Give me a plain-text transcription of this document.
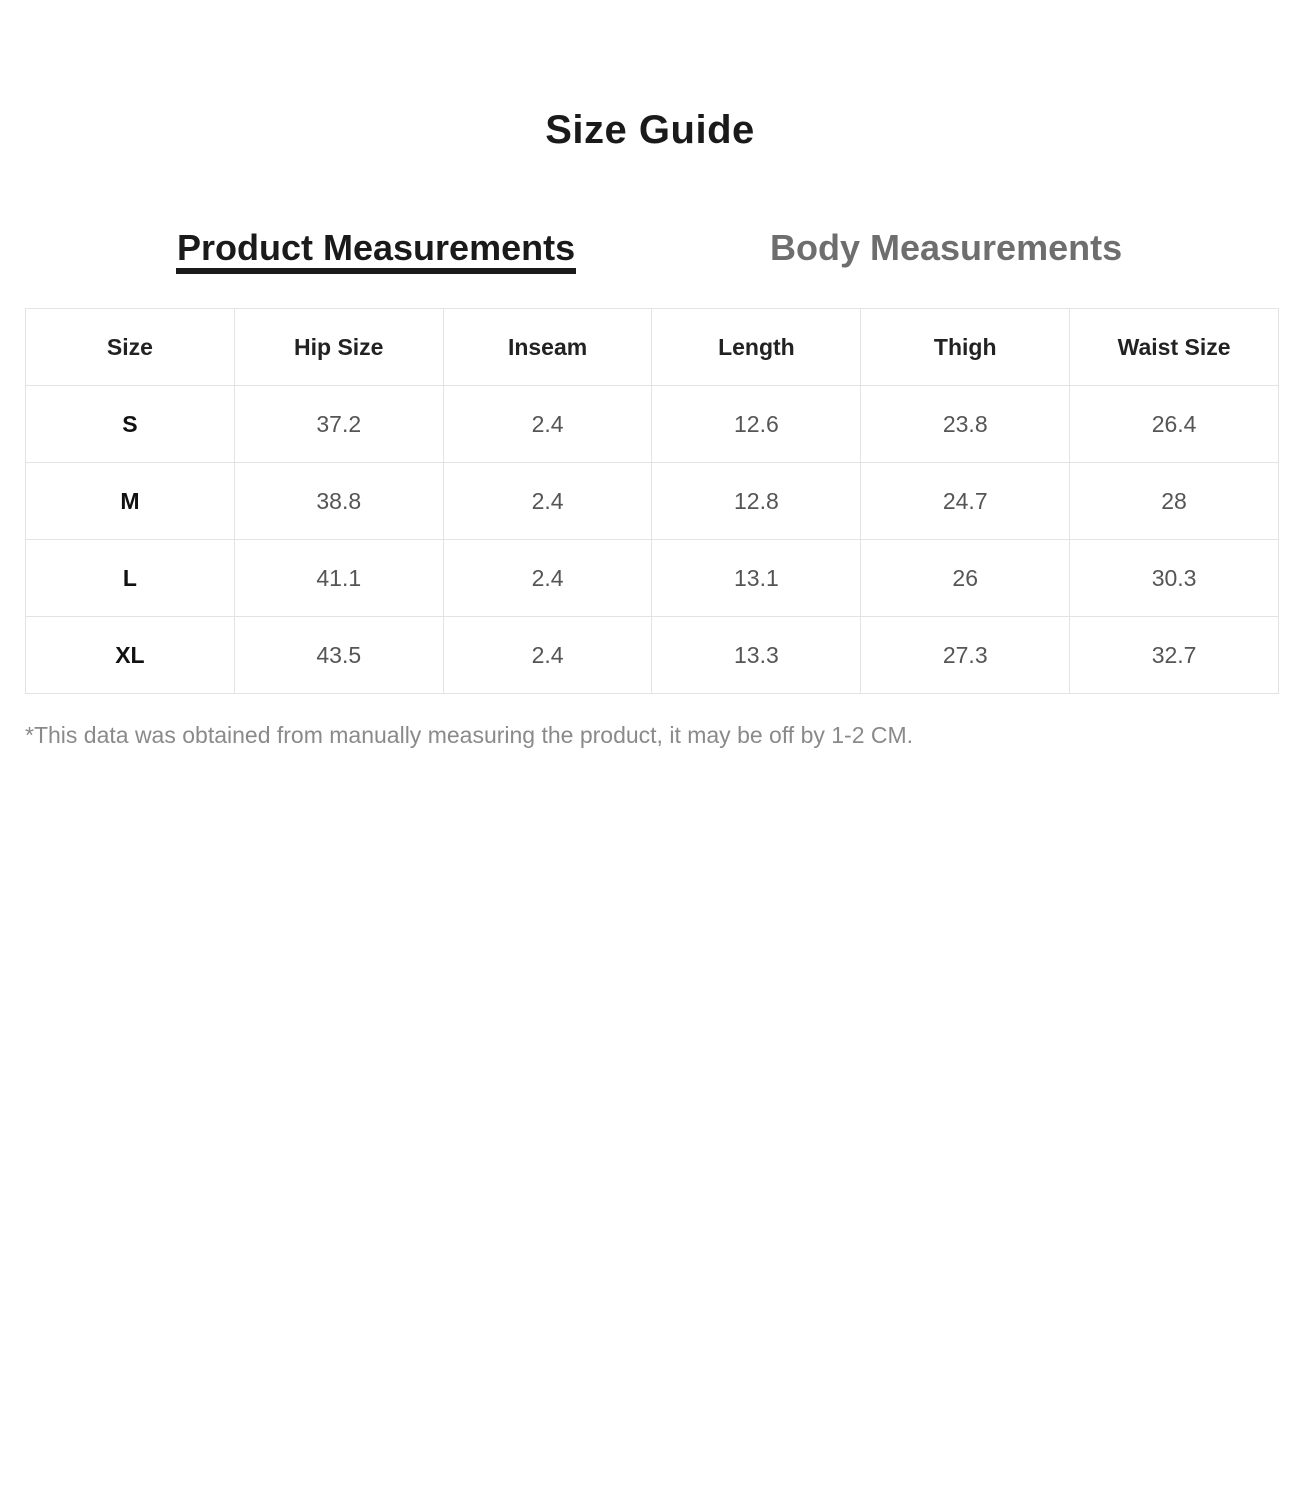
Size Guide
Product Measurements	Body Measurements
Size	Hip Size	Inseam	Length	Thigh	Waist Size
S	37.2	2.4	12.6	23.8	26.4
M	38.8	2.4	12.8	24.7	28
L	41.1	2.4	13.1	26	30.3
XL	43.5	2.4	13.3	27.3	32.7

*This data was obtained from manually measuring the product, it may be off by 1-2 CM.
